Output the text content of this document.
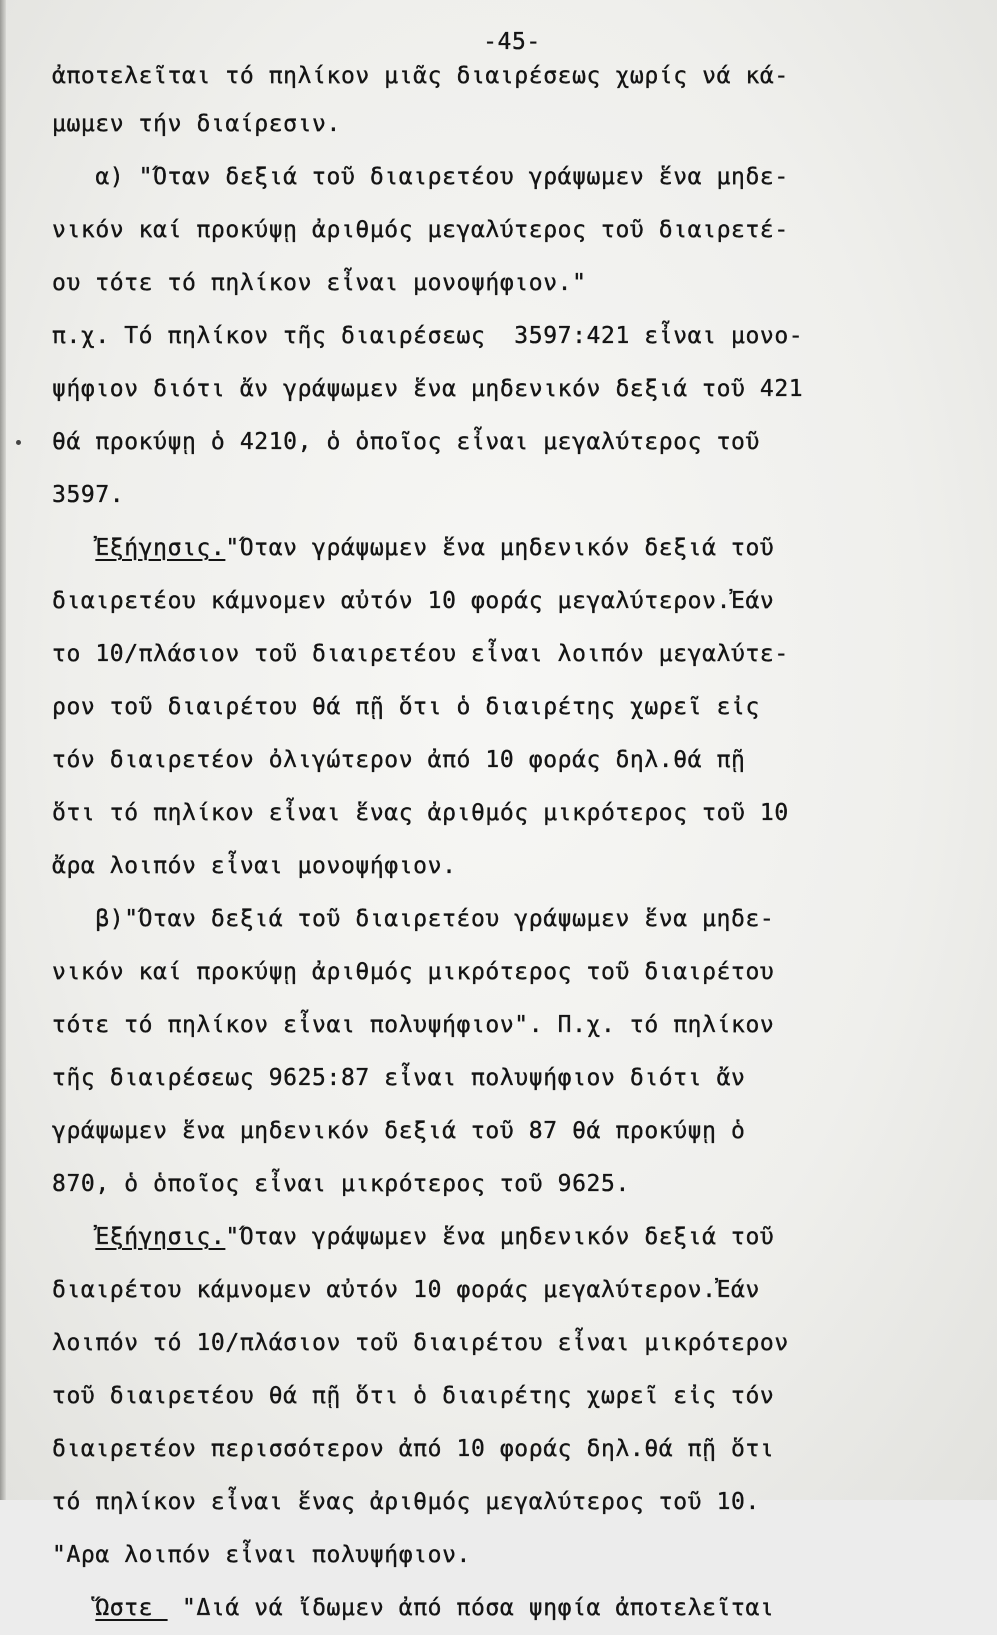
-45-
ἀποτελεῖται τό πηλίκον μιᾶς διαιρέσεως χωρίς νά κά-
μωμεν τήν διαίρεσιν.
α) "Όταν δεξιά τοῦ διαιρετέου γράψωμεν ἕνα μηδε-
νικόν καί προκύψῃ ἀριθμός μεγαλύτερος τοῦ διαιρετέ-
ου τότε τό πηλίκον εἶναι μονοψήφιον."
π.χ. Τό πηλίκον τῆς διαιρέσεως  3597:421 εἶναι μονο-
ψήφιον διότι ἄν γράψωμεν ἕνα μηδενικόν δεξιά τοῦ 421
θά προκύψῃ ὁ 4210, ὁ ὁποῖος εἶναι μεγαλύτερος τοῦ
3597.
Ἐξήγησις."Όταν γράψωμεν ἕνα μηδενικόν δεξιά τοῦ
διαιρετέου κάμνομεν αὐτόν 10 φοράς μεγαλύτερον.Ἐάν
το 10/πλάσιον τοῦ διαιρετέου εἶναι λοιπόν μεγαλύτε-
ρον τοῦ διαιρέτου θά πῇ ὅτι ὁ διαιρέτης χωρεῖ εἰς
τόν διαιρετέον ὀλιγώτερον ἀπό 10 φοράς δηλ.θά πῇ
ὅτι τό πηλίκον εἶναι ἕνας ἀριθμός μικρότερος τοῦ 10
ἄρα λοιπόν εἶναι μονοψήφιον.
β)"Όταν δεξιά τοῦ διαιρετέου γράψωμεν ἕνα μηδε-
νικόν καί προκύψῃ ἀριθμός μικρότερος τοῦ διαιρέτου
τότε τό πηλίκον εἶναι πολυψήφιον". Π.χ. τό πηλίκον
τῆς διαιρέσεως 9625:87 εἶναι πολυψήφιον διότι ἄν
γράψωμεν ἕνα μηδενικόν δεξιά τοῦ 87 θά προκύψῃ ὁ
870, ὁ ὁποῖος εἶναι μικρότερος τοῦ 9625.
Ἐξήγησις."Όταν γράψωμεν ἕνα μηδενικόν δεξιά τοῦ
διαιρέτου κάμνομεν αὐτόν 10 φοράς μεγαλύτερον.Ἐάν
λοιπόν τό 10/πλάσιον τοῦ διαιρέτου εἶναι μικρότερον
τοῦ διαιρετέου θά πῇ ὅτι ὁ διαιρέτης χωρεῖ εἰς τόν
διαιρετέον περισσότερον ἀπό 10 φοράς δηλ.θά πῇ ὅτι
τό πηλίκον εἶναι ἕνας ἀριθμός μεγαλύτερος τοῦ 10.
"Αρα λοιπόν εἶναι πολυψήφιον.
Ὥστε  "Διά νά ἴδωμεν ἀπό πόσα ψηφία ἀποτελεῖται
